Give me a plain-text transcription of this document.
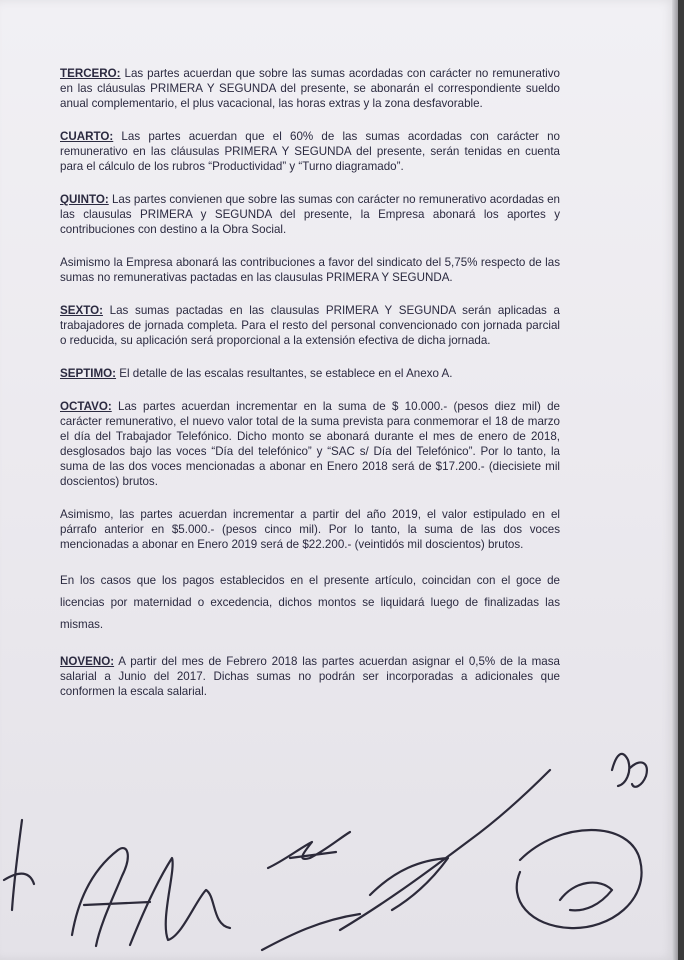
TERCERO: Las partes acuerdan que sobre las sumas acordadas con carácter no remunerativo en las cláusulas PRIMERA Y SEGUNDA del presente, se abonarán el correspondiente sueldo anual complementario, el plus vacacional, las horas extras y la zona desfavorable.

CUARTO: Las partes acuerdan que el 60% de las sumas acordadas con carácter no remunerativo en las cláusulas PRIMERA Y SEGUNDA del presente, serán tenidas en cuenta para el cálculo de los rubros “Productividad” y “Turno diagramado”.

QUINTO: Las partes convienen que sobre las sumas con carácter no remunerativo acordadas en las clausulas PRIMERA y SEGUNDA del presente, la Empresa abonará los aportes y contribuciones con destino a la Obra Social.

Asimismo la Empresa abonará las contribuciones a favor del sindicato del 5,75% respecto de las sumas no remunerativas pactadas en las clausulas PRIMERA Y SEGUNDA.

SEXTO: Las sumas pactadas en las clausulas PRIMERA Y SEGUNDA serán aplicadas a trabajadores de jornada completa. Para el resto del personal convencionado con jornada parcial o reducida, su aplicación será proporcional a la extensión efectiva de dicha jornada.

SEPTIMO: El detalle de las escalas resultantes, se establece en el Anexo A.

OCTAVO: Las partes acuerdan incrementar en la suma de $ 10.000.- (pesos diez mil) de carácter remunerativo, el nuevo valor total de la suma prevista para conmemorar el 18 de marzo el día del Trabajador Telefónico. Dicho monto se abonará durante el mes de enero de 2018, desglosados bajo las voces “Día del telefónico” y “SAC s/ Día del Telefónico”. Por lo tanto, la suma de las dos voces mencionadas a abonar en Enero 2018 será de $17.200.- (diecisiete mil doscientos) brutos.

Asimismo, las partes acuerdan incrementar a partir del año 2019, el valor estipulado en el párrafo anterior en $5.000.- (pesos cinco mil). Por lo tanto, la suma de las dos voces mencionadas a abonar en Enero 2019 será de $22.200.- (veintidós mil doscientos) brutos.

En los casos que los pagos establecidos en el presente artículo, coincidan con el goce de licencias por maternidad o excedencia, dichos montos se liquidará luego de finalizadas las mismas.

NOVENO: A partir del mes de Febrero 2018 las partes acuerdan asignar el 0,5% de la masa salarial a Junio del 2017. Dichas sumas no podrán ser incorporadas a adicionales que conformen la escala salarial.
